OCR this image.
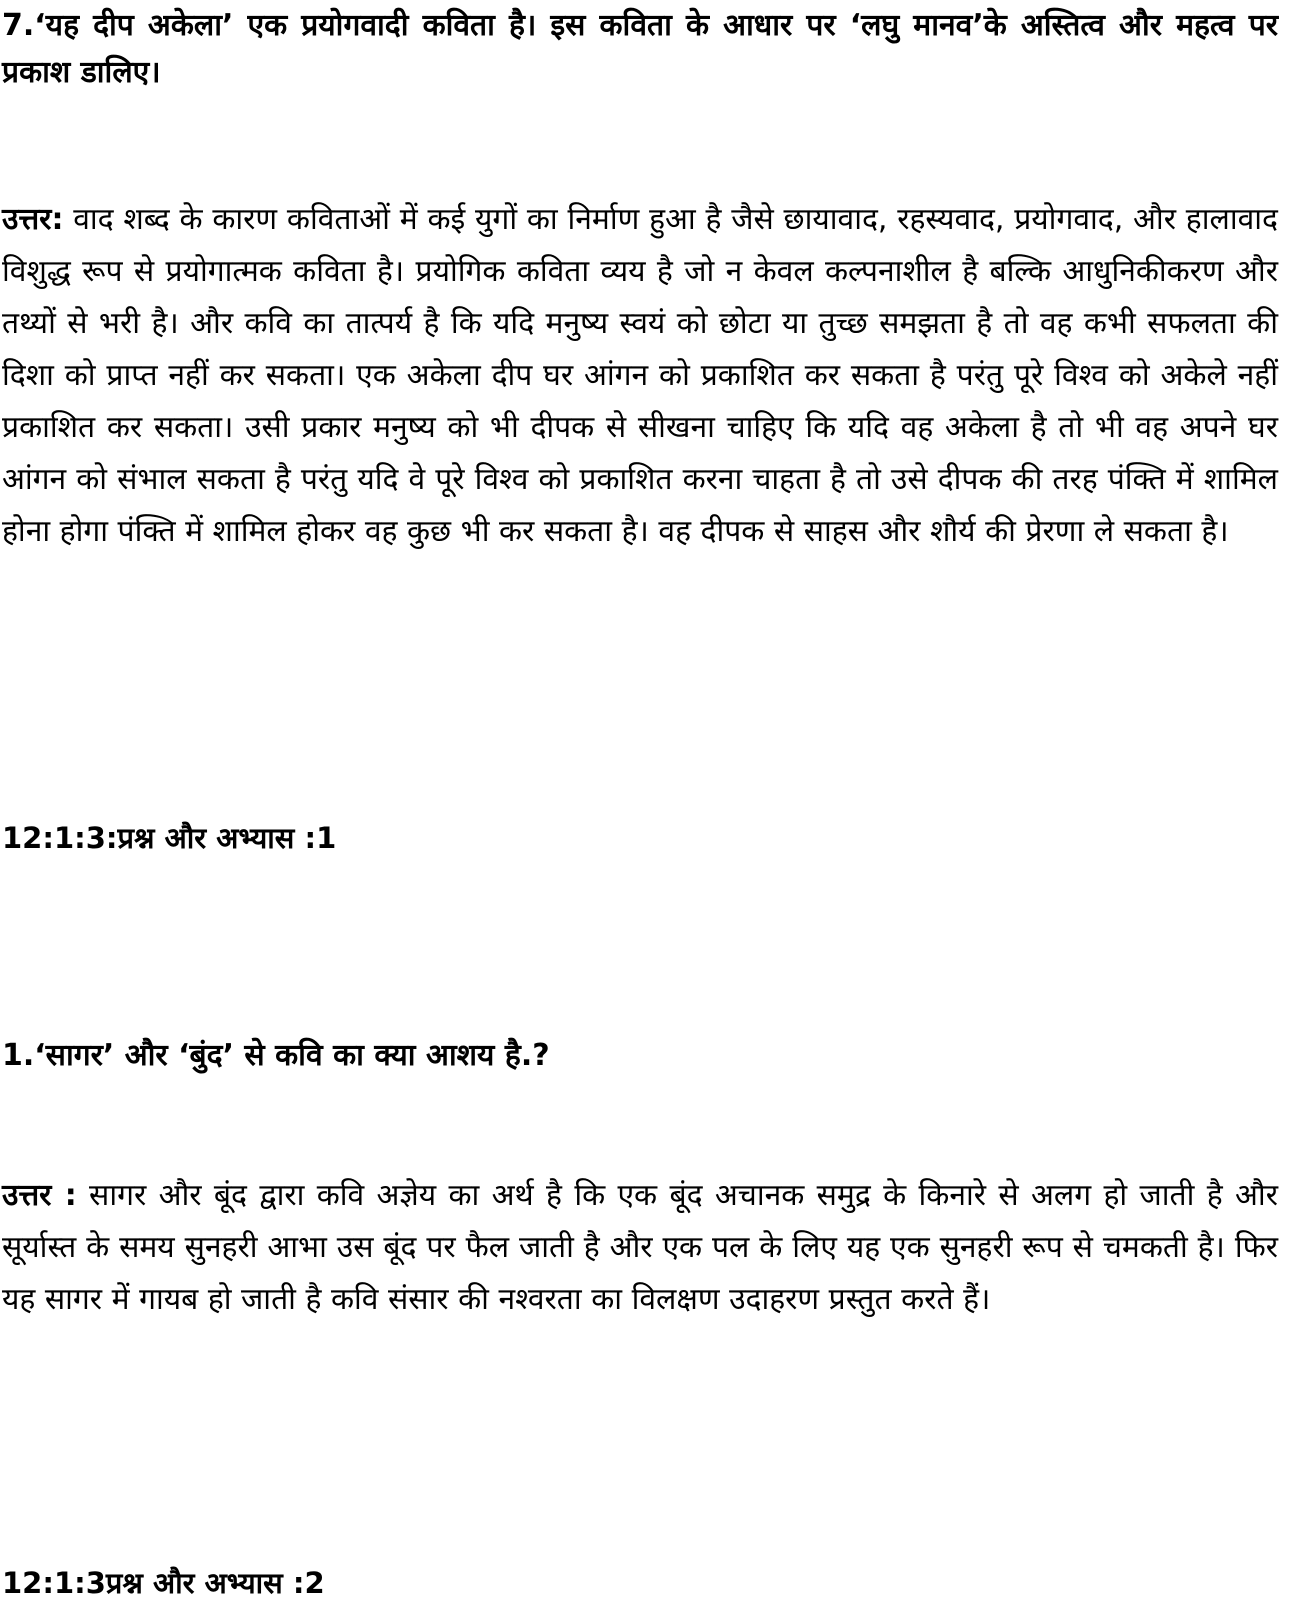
7.‘यह दीप अकेला’ एक प्रयोगवादी कविता है। इस कविता के आधार पर ‘लघु मानव’के अस्तित्व और महत्व पर प्रकाश डालिए।

उत्तर: वाद शब्द के कारण कविताओं में कई युगों का निर्माण हुआ है जैसे छायावाद, रहस्यवाद, प्रयोगवाद, और हालावाद विशुद्ध रूप से प्रयोगात्मक कविता है। प्रयोगिक कविता व्यय है जो न केवल कल्पनाशील है बल्कि आधुनिकीकरण और तथ्यों से भरी है। और कवि का तात्पर्य है कि यदि मनुष्य स्वयं को छोटा या तुच्छ समझता है तो वह कभी सफलता की दिशा को प्राप्त नहीं कर सकता। एक अकेला दीप घर आंगन को प्रकाशित कर सकता है परंतु पूरे विश्व को अकेले नहीं प्रकाशित कर सकता। उसी प्रकार मनुष्य को भी दीपक से सीखना चाहिए कि यदि वह अकेला है तो भी वह अपने घर आंगन को संभाल सकता है परंतु यदि वे पूरे विश्व को प्रकाशित करना चाहता है तो उसे दीपक की तरह पंक्ति में शामिल होना होगा पंक्ति में शामिल होकर वह कुछ भी कर सकता है। वह दीपक से साहस और शौर्य की प्रेरणा ले सकता है।

12:1:3:प्रश्न और अभ्यास :1

1.‘सागर’ और ‘बुंद’ से कवि का क्या आशय है.?

उत्तर : सागर और बूंद द्वारा कवि अज्ञेय का अर्थ है कि एक बूंद अचानक समुद्र के किनारे से अलग हो जाती है और सूर्यास्त के समय सुनहरी आभा उस बूंद पर फैल जाती है और एक पल के लिए यह एक सुनहरी रूप से चमकती है। फिर यह सागर में गायब हो जाती है कवि संसार की नश्वरता का विलक्षण उदाहरण प्रस्तुत करते हैं।

12:1:3प्रश्न और अभ्यास :2
